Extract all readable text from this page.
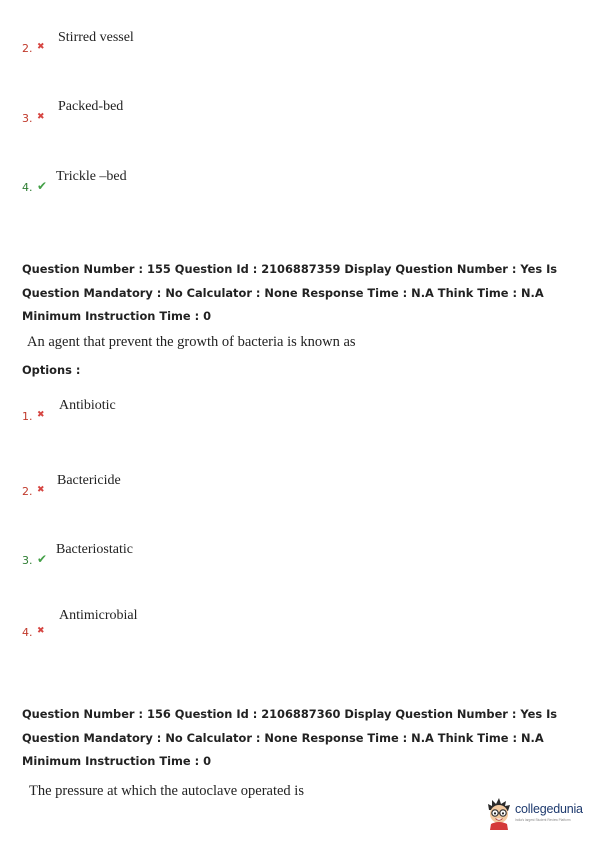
2. ✖
Stirred vessel
3. ✖
Packed-bed
4. ✔
Trickle –bed
Question Number : 155 Question Id : 2106887359 Display Question Number : Yes Is Question Mandatory : No Calculator : None Response Time : N.A Think Time : N.A Minimum Instruction Time : 0
An agent that prevent the growth of bacteria is known as
Options :
1. ✖
Antibiotic
2. ✖
Bactericide
3. ✔
Bacteriostatic
4. ✖
Antimicrobial
Question Number : 156 Question Id : 2106887360 Display Question Number : Yes Is Question Mandatory : No Calculator : None Response Time : N.A Think Time : N.A Minimum Instruction Time : 0
The pressure at which the autoclave operated is
collegedunia
India's largest Student Review Platform
